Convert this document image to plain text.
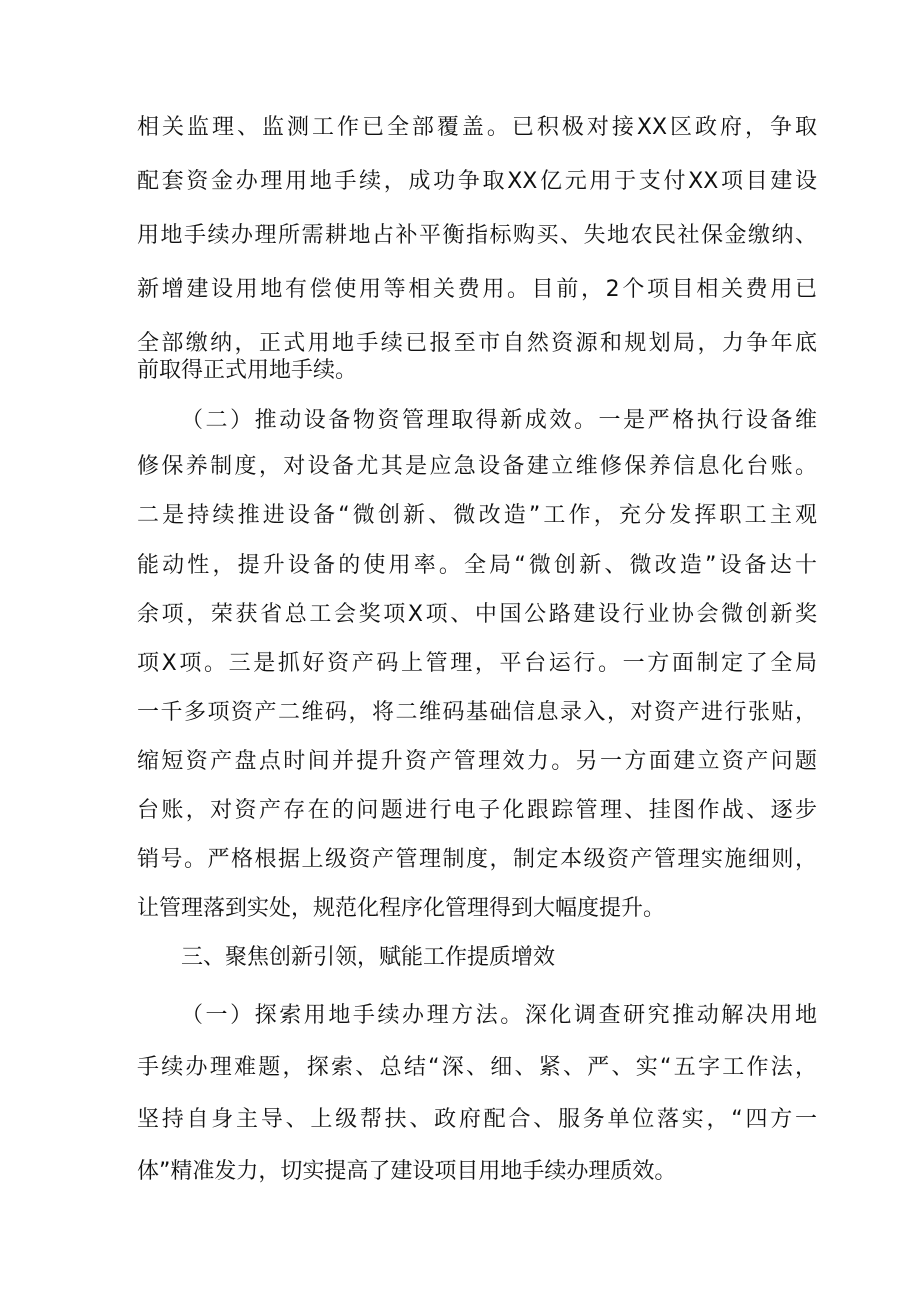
相关监理、监测工作已全部覆盖。已积极对接XX区政府，争取
配套资金办理用地手续，成功争取XX亿元用于支付XX项目建设
用地手续办理所需耕地占补平衡指标购买、失地农民社保金缴纳、
新增建设用地有偿使用等相关费用。目前，2个项目相关费用已
全部缴纳，正式用地手续已报至市自然资源和规划局，力争年底
前取得正式用地手续。
（二）推动设备物资管理取得新成效。一是严格执行设备维
修保养制度，对设备尤其是应急设备建立维修保养信息化台账。
二是持续推进设备“微创新、微改造”工作，充分发挥职工主观
能动性，提升设备的使用率。全局“微创新、微改造”设备达十
余项，荣获省总工会奖项X项、中国公路建设行业协会微创新奖
项X项。三是抓好资产码上管理，平台运行。一方面制定了全局
一千多项资产二维码，将二维码基础信息录入，对资产进行张贴，
缩短资产盘点时间并提升资产管理效力。另一方面建立资产问题
台账，对资产存在的问题进行电子化跟踪管理、挂图作战、逐步
销号。严格根据上级资产管理制度，制定本级资产管理实施细则，
让管理落到实处，规范化程序化管理得到大幅度提升。
三、聚焦创新引领，赋能工作提质增效
（一）探索用地手续办理方法。深化调查研究推动解决用地
手续办理难题，探索、总结“深、细、紧、严、实“五字工作法，
坚持自身主导、上级帮扶、政府配合、服务单位落实，“四方一
体”精准发力，切实提高了建设项目用地手续办理质效。
